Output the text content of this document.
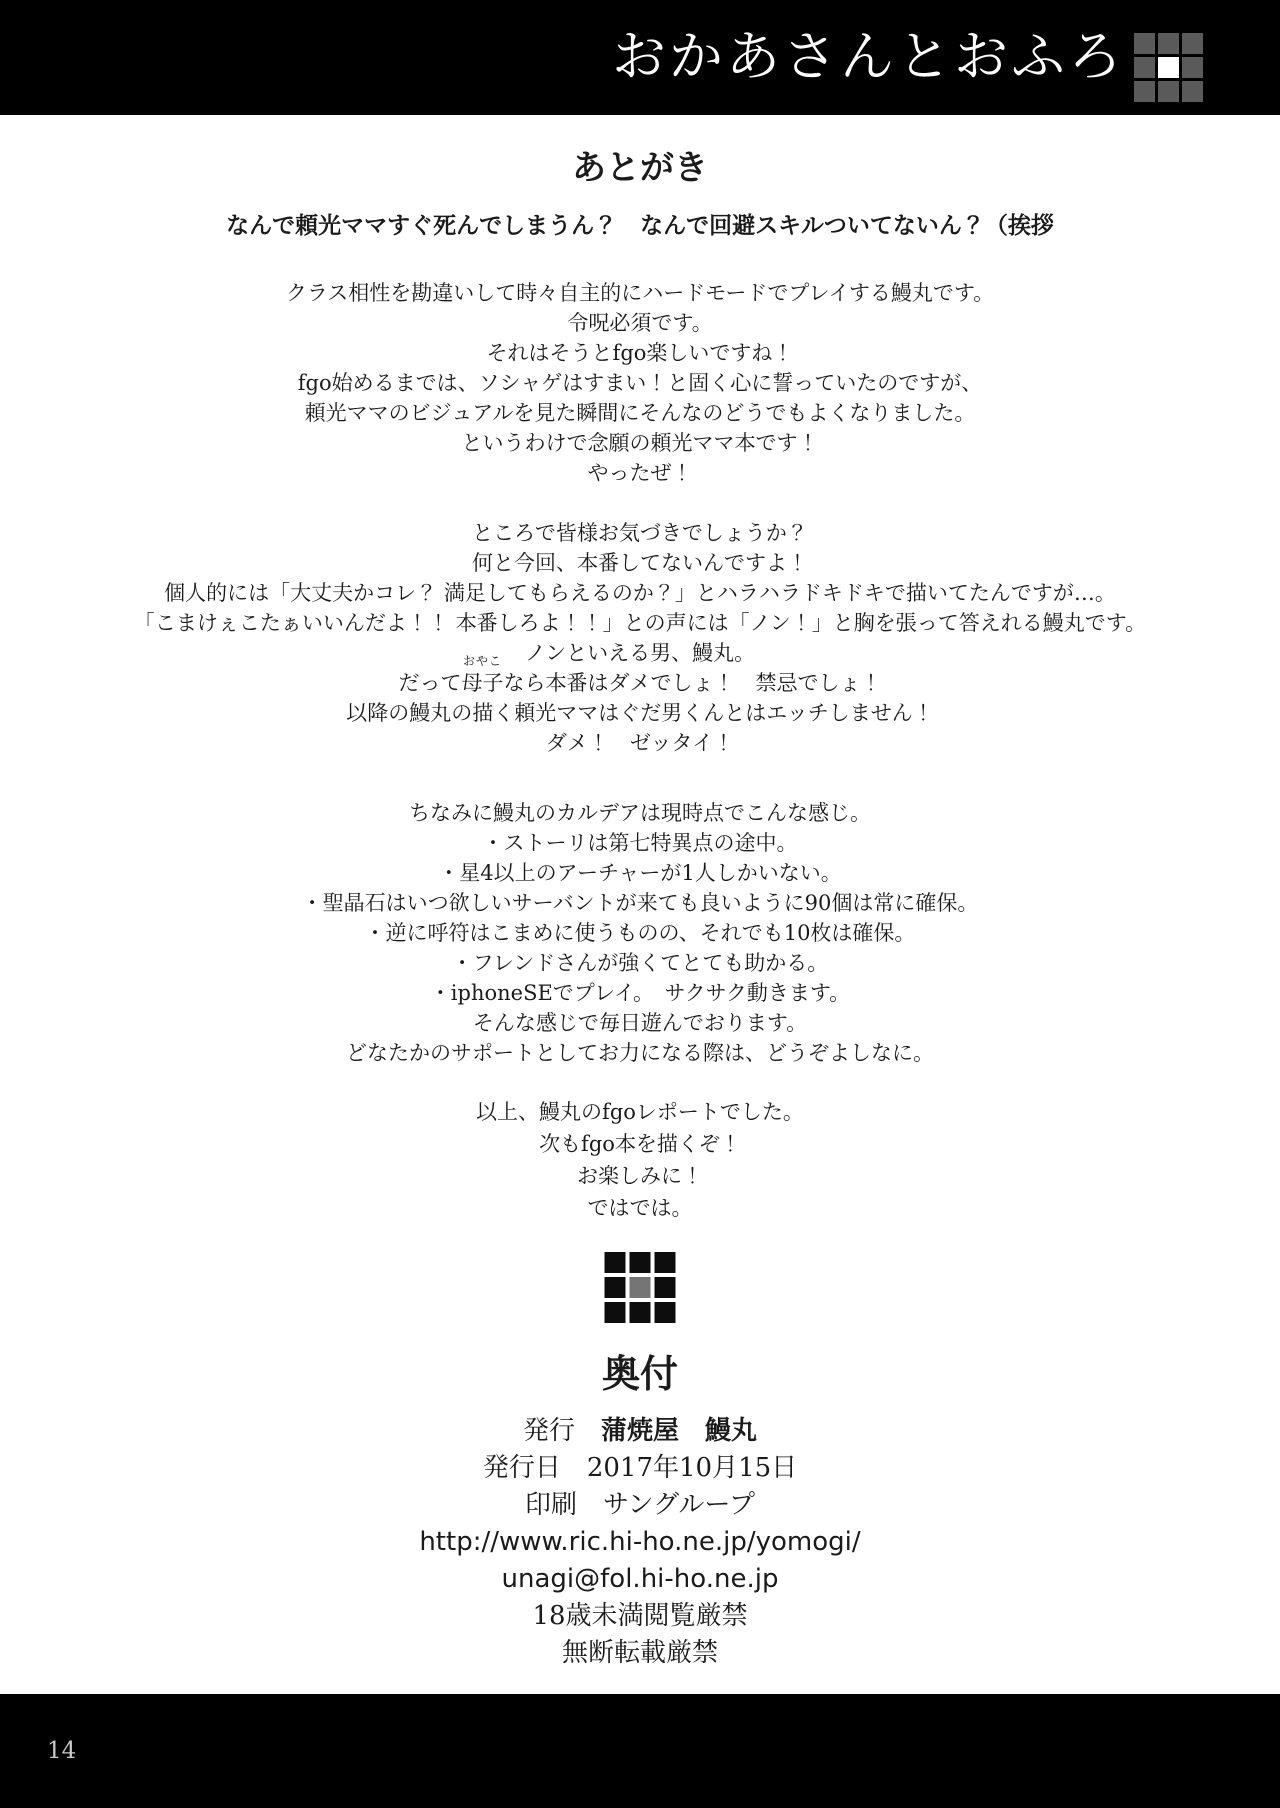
おかあさんとおふろ
あとがき
なんで頼光ママすぐ死んでしまうん？　なんで回避スキルついてないん？（挨拶
クラス相性を勘違いして時々自主的にハードモードでプレイする鰻丸です。
令呪必須です。
それはそうとfgo楽しいですね！
fgo始めるまでは、ソシャゲはすまい！と固く心に誓っていたのですが、
頼光ママのビジュアルを見た瞬間にそんなのどうでもよくなりました。
というわけで念願の頼光ママ本です！
やったぜ！
ところで皆様お気づきでしょうか？
何と今回、本番してないんですよ！
個人的には「大丈夫かコレ？ 満足してもらえるのか？」とハラハラドキドキで描いてたんですが…。
「こまけぇこたぁいいんだよ！！ 本番しろよ！！」との声には「ノン！」と胸を張って答えれる鰻丸です。
ノンといえる男、鰻丸。
だって母子
おやこ
なら本番はダメでしょ！　禁忌でしょ！
以降の鰻丸の描く頼光ママはぐだ男くんとはエッチしません！
ダメ！　ゼッタイ！
ちなみに鰻丸のカルデアは現時点でこんな感じ。
・ストーリは第七特異点の途中。
・星4以上のアーチャーが1人しかいない。
・聖晶石はいつ欲しいサーバントが来ても良いように90個は常に確保。
・逆に呼符はこまめに使うものの、それでも10枚は確保。
・フレンドさんが強くてとても助かる。
・iphoneSEでプレイ。　サクサク動きます。
そんな感じで毎日遊んでおります。
どなたかのサポートとしてお力になる際は、どうぞよしなに。
以上、鰻丸のfgoレポートでした。
次もfgo本を描くぞ！
お楽しみに！
ではでは。
奥付
発行　蒲焼屋　鰻丸
発行日　2017年10月15日
印刷　サングループ
http://www.ric.hi-ho.ne.jp/yomogi/
unagi@fol.hi-ho.ne.jp
18歳未満閲覧厳禁
無断転載厳禁
14
